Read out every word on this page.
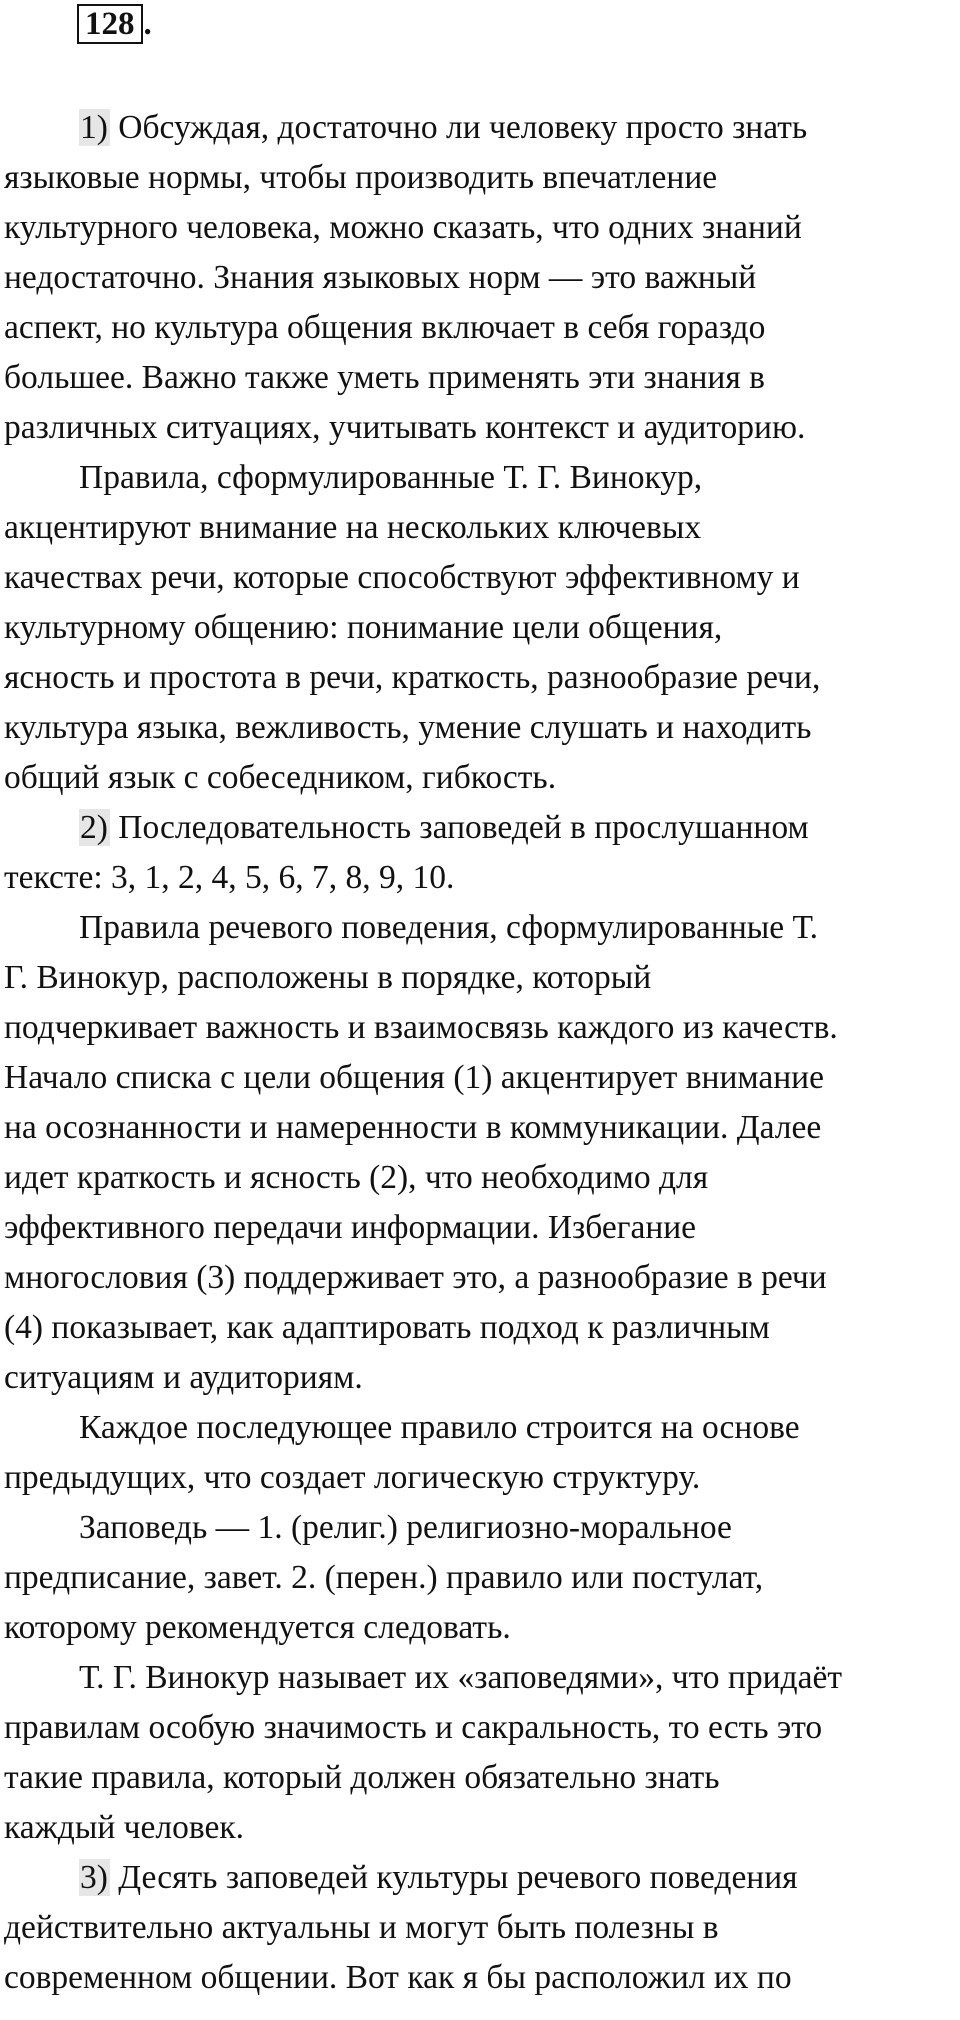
128 .

1) Обсуждая, достаточно ли человеку просто знать
языковые нормы, чтобы производить впечатление
культурного человека, можно сказать, что одних знаний
недостаточно. Знания языковых норм — это важный
аспект, но культура общения включает в себя гораздо
большее. Важно также уметь применять эти знания в
различных ситуациях, учитывать контекст и аудиторию.

Правила, сформулированные Т. Г. Винокур,
акцентируют внимание на нескольких ключевых
качествах речи, которые способствуют эффективному и
культурному общению: понимание цели общения,
ясность и простота в речи, краткость, разнообразие речи,
культура языка, вежливость, умение слушать и находить
общий язык с собеседником, гибкость.

2) Последовательность заповедей в прослушанном
тексте: 3, 1, 2, 4, 5, 6, 7, 8, 9, 10.

Правила речевого поведения, сформулированные Т.
Г. Винокур, расположены в порядке, который
подчеркивает важность и взаимосвязь каждого из качеств.
Начало списка с цели общения (1) акцентирует внимание
на осознанности и намеренности в коммуникации. Далее
идет краткость и ясность (2), что необходимо для
эффективного передачи информации. Избегание
многословия (3) поддерживает это, а разнообразие в речи
(4) показывает, как адаптировать подход к различным
ситуациям и аудиториям.

Каждое последующее правило строится на основе
предыдущих, что создает логическую структуру.

Заповедь — 1. (религ.) религиозно-моральное
предписание, завет. 2. (перен.) правило или постулат,
которому рекомендуется следовать.

Т. Г. Винокур называет их «заповедями», что придаёт
правилам особую значимость и сакральность, то есть это
такие правила, который должен обязательно знать
каждый человек.

3) Десять заповедей культуры речевого поведения
действительно актуальны и могут быть полезны в
современном общении. Вот как я бы расположил их по
